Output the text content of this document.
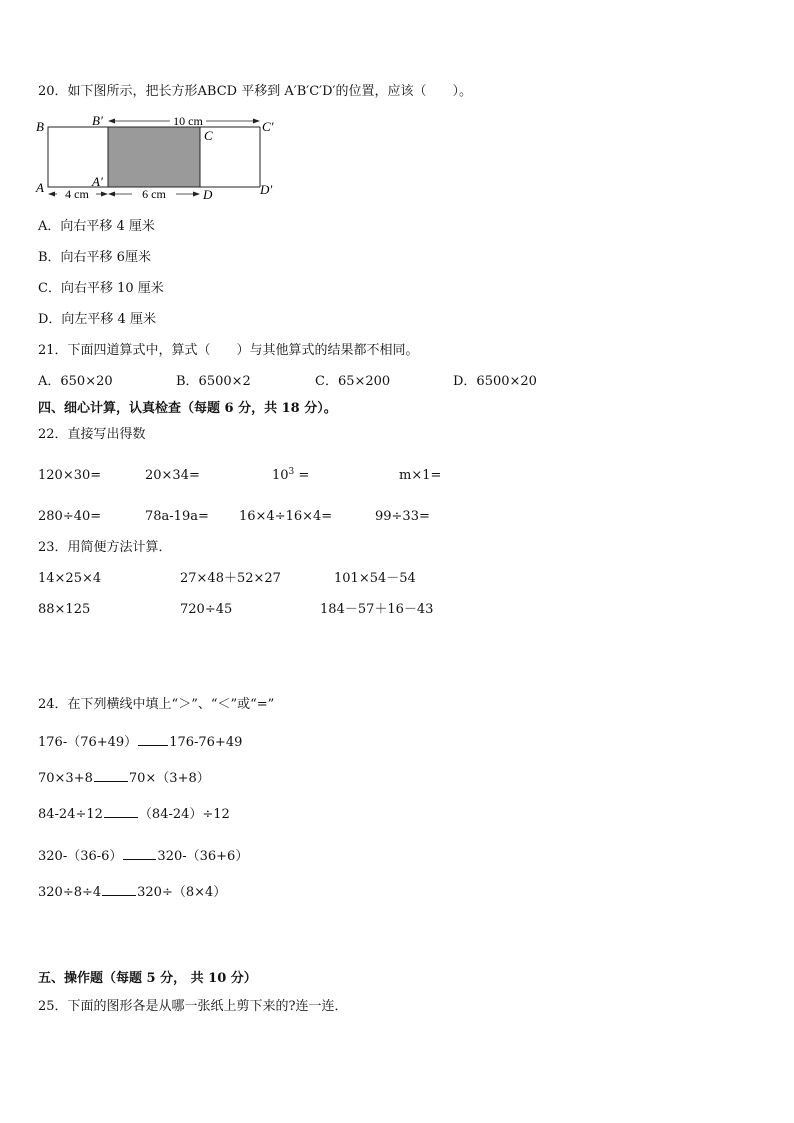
20．如下图所示，把长方形ABCD 平移到 A′B′C′D′的位置，应该（　　）。
10 cm
4 cm	6 cm
B	B′
C
C′
A	A′
D	D′
A．向右平移 4 厘米
B．向右平移 6厘米
C．向右平移 10 厘米
D．向左平移 4 厘米
21．下面四道算式中，算式（　　）与其他算式的结果都不相同。
A．650×20	B．6500×2	C．65×200	D．6500×20
四、细心计算，认真检查（每题 6 分，共 18 分）。
22．直接写出得数
120×30=	20×34=	$10^3$ =	m×1=
280÷40=	78a-19a= 16×4÷16×4=	99÷33=
23．用简便方法计算．
14×25×4	27×48＋52×27	101×54－54
88×125	720÷45	184－57＋16－43
24．在下列横线中填上“＞”、“＜”或“=”
176-（76+49） 176-76+49
70×3+8	70×（3+8）
84-24÷12	（84-24）÷12
320-（36-6）	320-（36+6）
320÷8÷4	320÷（8×4）
五、操作题（每题 5 分， 共 10 分）
25．下面的图形各是从哪一张纸上剪下来的?连一连．
